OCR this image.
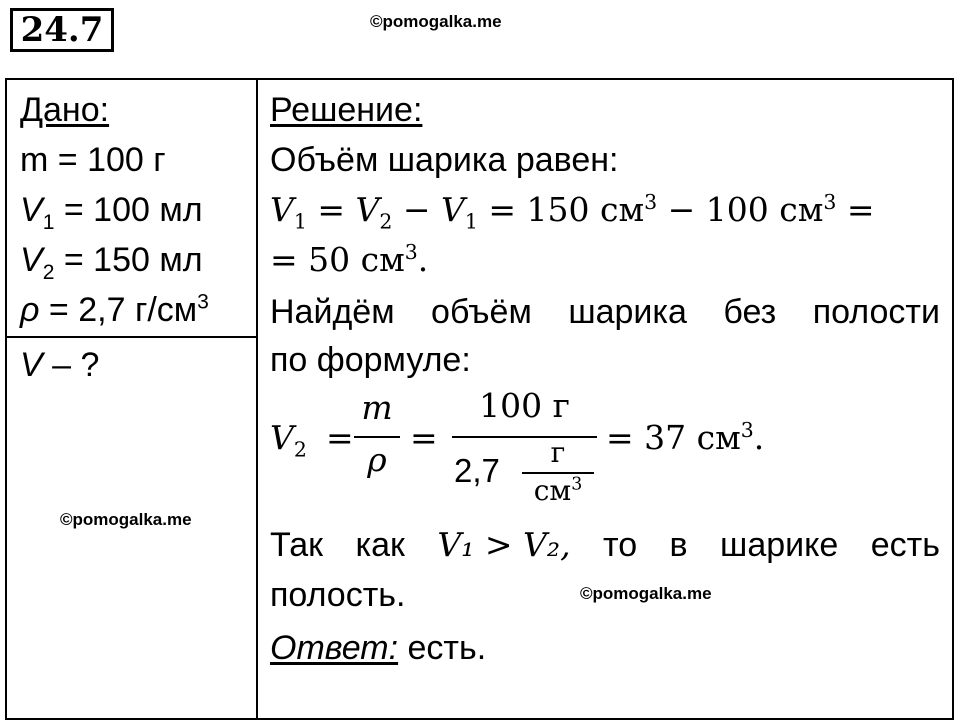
24.7	©pomogalka.me
Дано:
m = 100 г
$V_1 = 100$ мл
$V_2 = 150$ мл
ρ = 2,7 $г/см^3$
V – ?
©pomogalka.me
Решение:
Объём шарика равен:
$V_1 = V_2 - V_1 = 150$ $см^3 - 100$ $см^3$ =
= 50 $см^3$.
Найдём объём шарика без полости
по формуле:
$V_2$ =
m
ρ
=
100 г
2,7	г
$см^3$
= 37 $см^3$.
Так как V₁ > V₂, то в шарике есть
полость.	©pomogalka.me
Ответ: есть.
